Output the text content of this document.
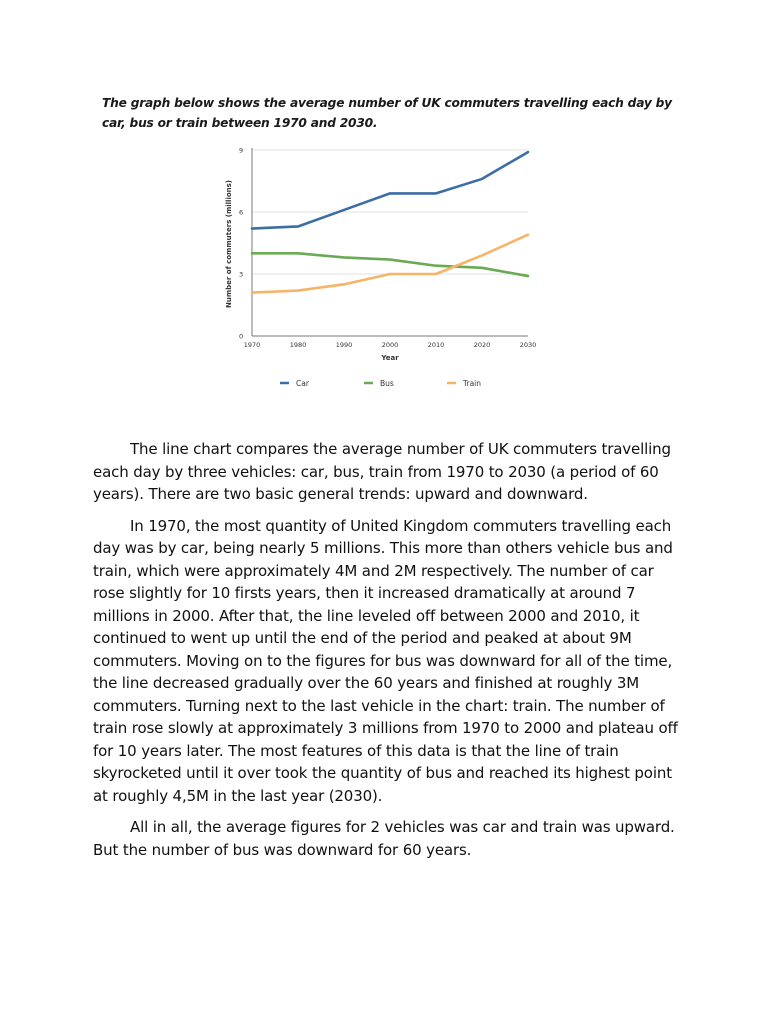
The graph below shows the average number of UK commuters travelling each day by car, bus or train between 1970 and 2030.
0
3
6
9
1970	1980	1990	2000	2010	2020	2030
Number of commuters (millions)
Year
Car	Bus	Train

The line chart compares the average number of UK commuters travelling each day by three vehicles: car, bus, train from 1970 to 2030 (a period of 60 years). There are two basic general trends: upward and downward.

In 1970, the most quantity of United Kingdom commuters travelling each day was by car, being nearly 5 millions. This more than others vehicle bus and train, which were approximately 4M and 2M respectively. The number of car rose slightly for 10 firsts years, then it increased dramatically at around 7 millions in 2000. After that, the line leveled off between 2000 and 2010, it continued to went up until the end of the period and peaked at about 9M commuters. Moving on to the figures for bus was downward for all of the time, the line decreased gradually over the 60 years and finished at roughly 3M commuters. Turning next to the last vehicle in the chart: train. The number of train rose slowly at approximately 3 millions from 1970 to 2000 and plateau off for 10 years later. The most features of this data is that the line of train skyrocketed until it over took the quantity of bus and reached its highest point at roughly 4,5M in the last year (2030).

All in all, the average figures for 2 vehicles was car and train was upward. But the number of bus was downward for 60 years.
